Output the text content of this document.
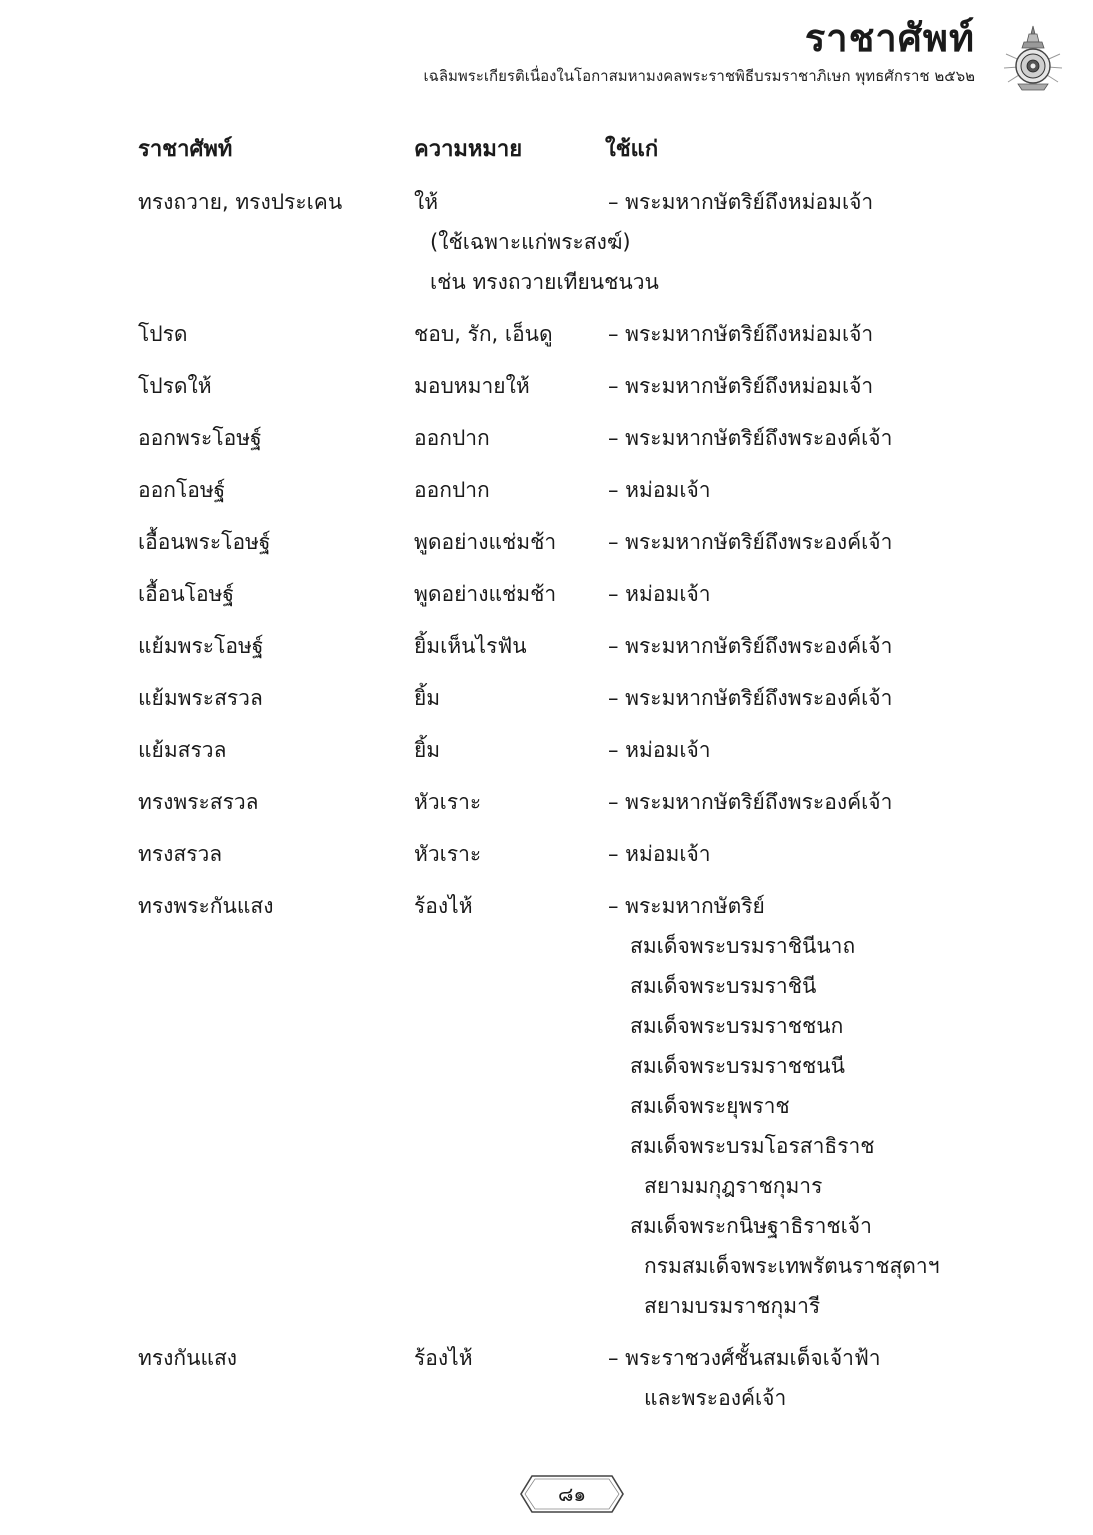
ราชาศัพท์
เฉลิมพระเกียรติเนื่องในโอกาสมหามงคลพระราชพิธีบรมราชาภิเษก พุทธศักราช ๒๕๖๒
ราชาศัพท์	ความหมาย	ใช้แก่
ทรงถวาย, ทรงประเคน	ให้	– พระมหากษัตริย์ถึงหม่อมเจ้า
(ใช้เฉพาะแก่พระสงฆ์)
เช่น ทรงถวายเทียนชนวน
โปรด	ชอบ, รัก, เอ็นดู	– พระมหากษัตริย์ถึงหม่อมเจ้า
โปรดให้	มอบหมายให้	– พระมหากษัตริย์ถึงหม่อมเจ้า
ออกพระโอษฐ์	ออกปาก	– พระมหากษัตริย์ถึงพระองค์เจ้า
ออกโอษฐ์	ออกปาก	– หม่อมเจ้า
เอื้อนพระโอษฐ์	พูดอย่างแช่มช้า – พระมหากษัตริย์ถึงพระองค์เจ้า
เอื้อนโอษฐ์	พูดอย่างแช่มช้า – หม่อมเจ้า
แย้มพระโอษฐ์	ยิ้มเห็นไรฟัน	– พระมหากษัตริย์ถึงพระองค์เจ้า
แย้มพระสรวล	ยิ้ม	– พระมหากษัตริย์ถึงพระองค์เจ้า
แย้มสรวล	ยิ้ม	– หม่อมเจ้า
ทรงพระสรวล	หัวเราะ	– พระมหากษัตริย์ถึงพระองค์เจ้า
ทรงสรวล	หัวเราะ	– หม่อมเจ้า
ทรงพระกันแสง	ร้องไห้	– พระมหากษัตริย์
สมเด็จพระบรมราชินีนาถ
สมเด็จพระบรมราชินี
สมเด็จพระบรมราชชนก
สมเด็จพระบรมราชชนนี
สมเด็จพระยุพราช
สมเด็จพระบรมโอรสาธิราช
สยามมกุฎราชกุมาร
สมเด็จพระกนิษฐาธิราชเจ้า
กรมสมเด็จพระเทพรัตนราชสุดาฯ
สยามบรมราชกุมารี
ทรงกันแสง	ร้องไห้	– พระราชวงศ์ชั้นสมเด็จเจ้าฟ้า
และพระองค์เจ้า
๘๑
